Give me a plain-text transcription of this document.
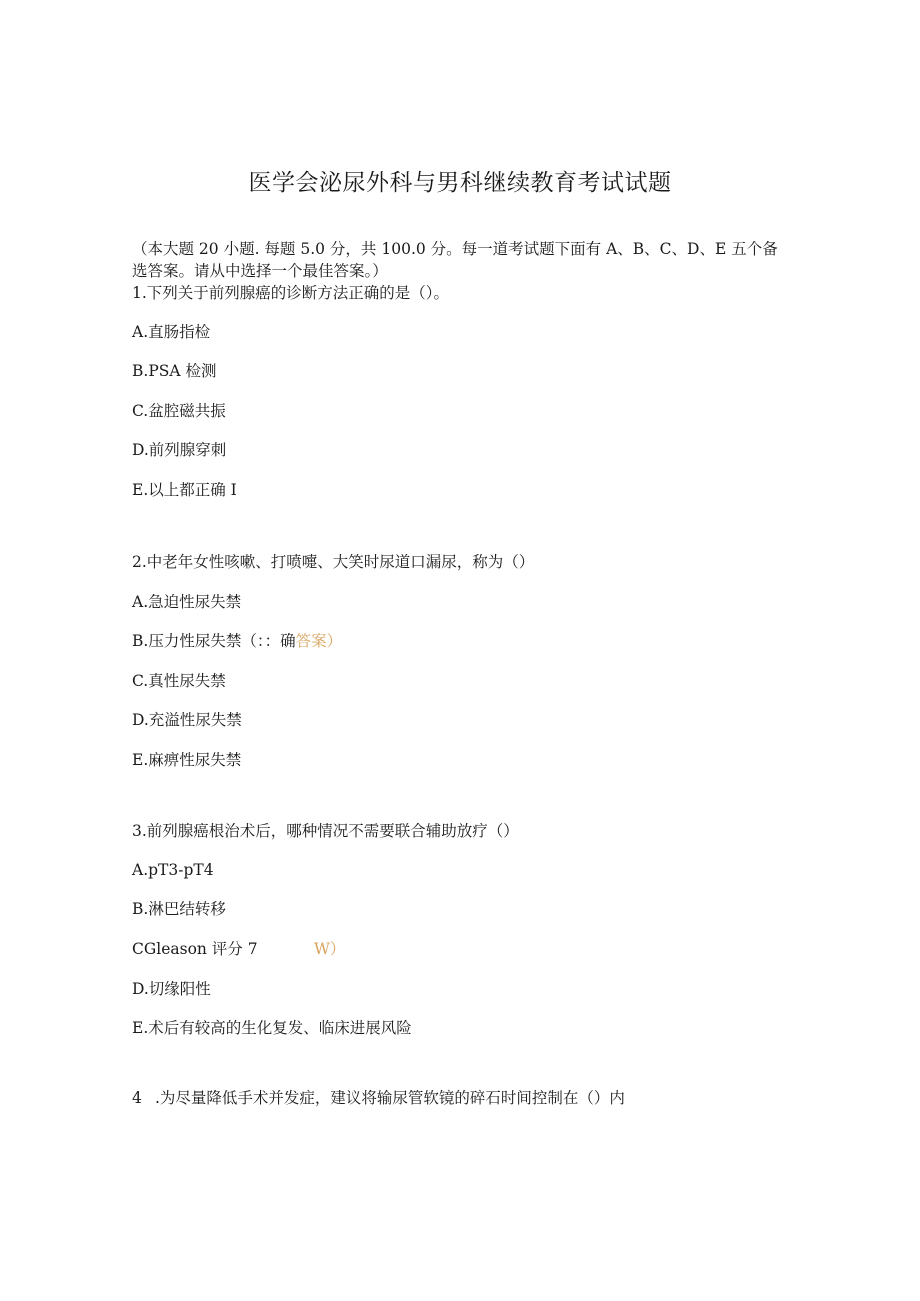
医学会泌尿外科与男科继续教育考试试题
（本大题 20 小题. 每题 5.0 分，共 100.0 分。每一道考试题下面有 A、B、C、D、E 五个备选答案。请从中选择一个最佳答案。）
1.下列关于前列腺癌的诊断方法正确的是（）。
A.直肠指检
B.PSA 检测
C.盆腔磁共振
D.前列腺穿刺
E.以上都正确 I
2.中老年女性咳嗽、打喷嚏、大笑时尿道口漏尿，称为（）
A.急迫性尿失禁
B.压力性尿失禁（：：确答案）
C.真性尿失禁
D.充溢性尿失禁
E.麻痹性尿失禁
3.前列腺癌根治术后，哪种情况不需要联合辅助放疗（）
A.pT3-pT4
B.淋巴结转移
CGleason 评分 7	W）
D.切缘阳性
E.术后有较高的生化复发、临床进展风险
4 .为尽量降低手术并发症，建议将输尿管软镜的碎石时间控制在（）内
